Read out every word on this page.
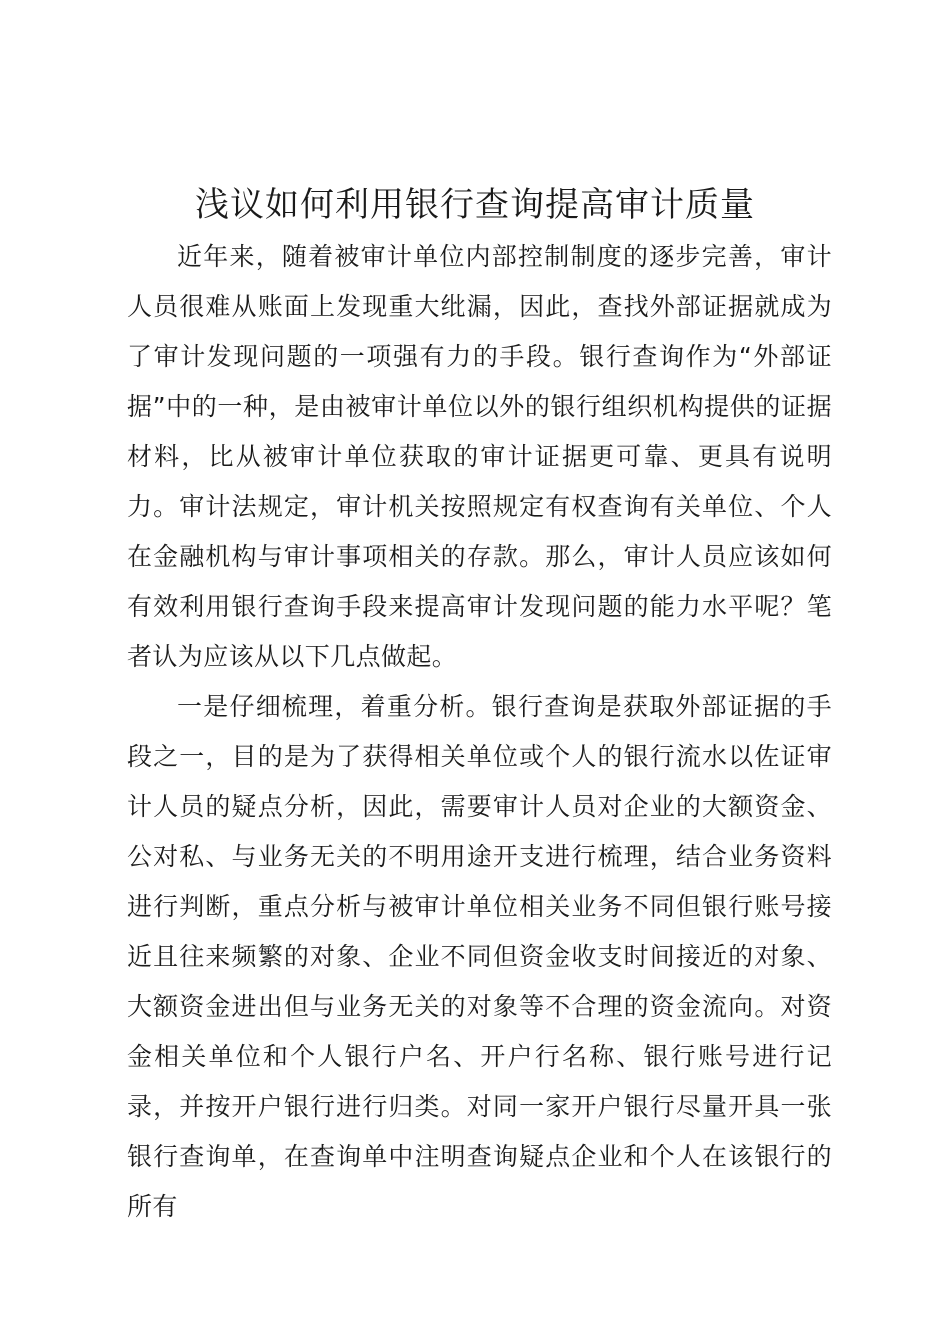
浅议如何利用银行查询提高审计质量

近年来，随着被审计单位内部控制制度的逐步完善，审计人员很难从账面上发现重大纰漏，因此，查找外部证据就成为了审计发现问题的一项强有力的手段。银行查询作为“外部证据”中的一种，是由被审计单位以外的银行组织机构提供的证据材料，比从被审计单位获取的审计证据更可靠、更具有说明力。审计法规定，审计机关按照规定有权查询有关单位、个人在金融机构与审计事项相关的存款。那么，审计人员应该如何有效利用银行查询手段来提高审计发现问题的能力水平呢？笔者认为应该从以下几点做起。

一是仔细梳理，着重分析。银行查询是获取外部证据的手段之一，目的是为了获得相关单位或个人的银行流水以佐证审计人员的疑点分析，因此，需要审计人员对企业的大额资金、公对私、与业务无关的不明用途开支进行梳理，结合业务资料进行判断，重点分析与被审计单位相关业务不同但银行账号接近且往来频繁的对象、企业不同但资金收支时间接近的对象、大额资金进出但与业务无关的对象等不合理的资金流向。对资金相关单位和个人银行户名、开户行名称、银行账号进行记录，并按开户银行进行归类。对同一家开户银行尽量开具一张银行查询单，在查询单中注明查询疑点企业和个人在该银行的所有
